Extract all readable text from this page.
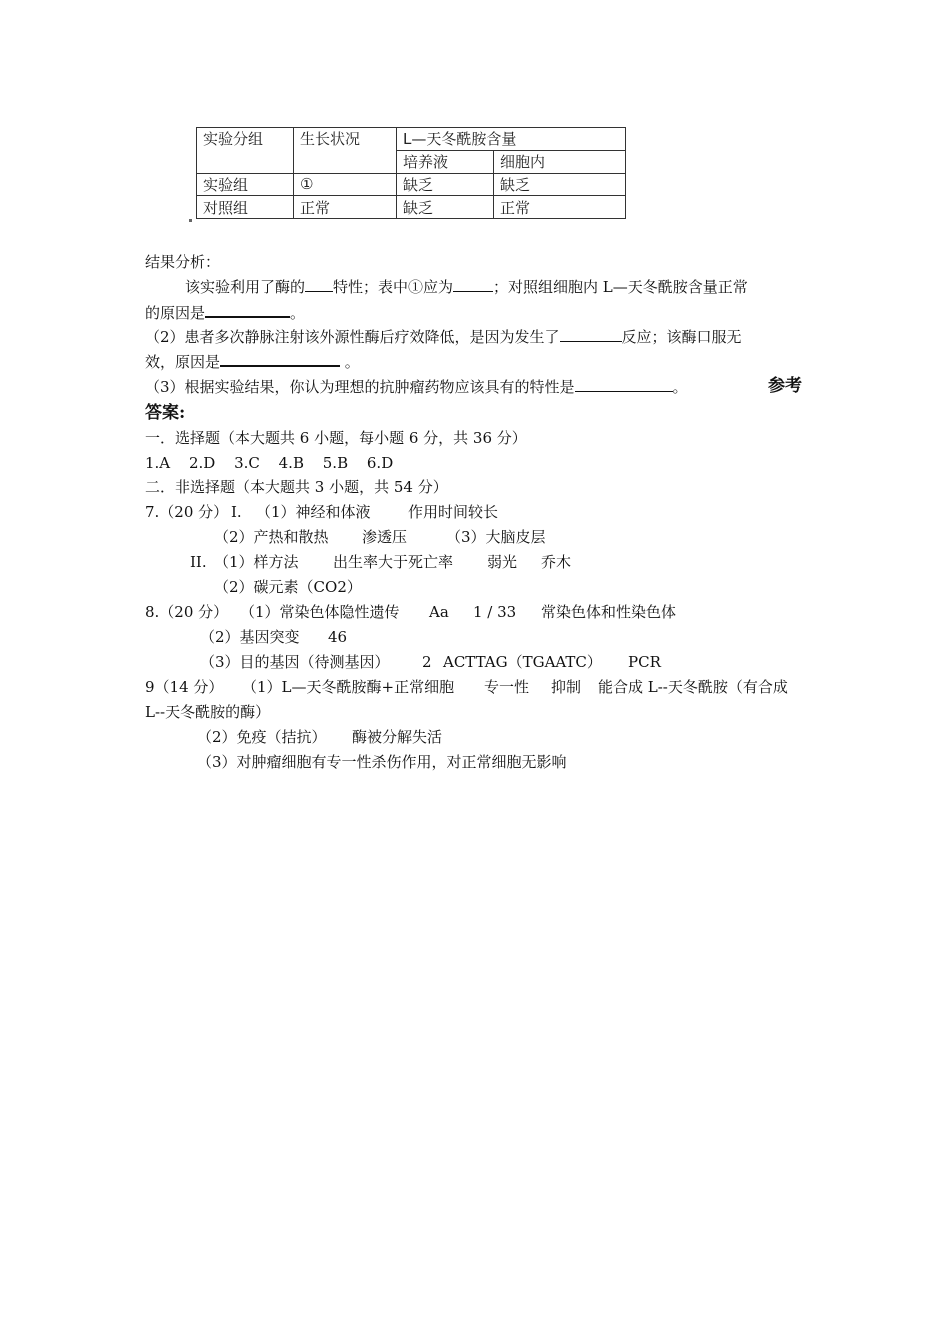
实验分组	生长状况	L—天冬酰胺含量	
		培养液	细胞内
实验组	①	缺乏	缺乏
对照组	正常	缺乏	正常
结果分析：
该实验利用了酶的 特性；表中①应为	；对照组细胞内 L—天冬酰胺含量正常
的原因是	。
（2）患者多次静脉注射该外源性酶后疗效降低，是因为发生了	反应；该酶口服无
效，原因是	。
（3）根据实验结果，你认为理想的抗肿瘤药物应该具有的特性是	。	参考
答案:
一．选择题（本大题共 6 小题，每小题 6 分，共 36 分）
1.A 2.D 3.C 4.B 5.B 6.D
二．非选择题（本大题共 3 小题，共 54 分）
7.（20 分） I. （1）神经和体液 作用时间较长
（2）产热和散热 渗透压	（3）大脑皮层
II. （1）样方法 出生率大于死亡率 弱光 乔木
（2）碳元素（CO2）
8.（20 分） （1）常染色体隐性遗传 Aa 1 / 33 常染色体和性染色体
（2）基因突变 46
（3）目的基因（待测基因） 2 ACTTAG（TGAATC） PCR
9（14 分） （1）L—天冬酰胺酶+正常细胞 专一性 抑制 能合成 L--天冬酰胺（有合成
L--天冬酰胺的酶）
（2）免疫（拮抗） 酶被分解失活
（3）对肿瘤细胞有专一性杀伤作用，对正常细胞无影响
